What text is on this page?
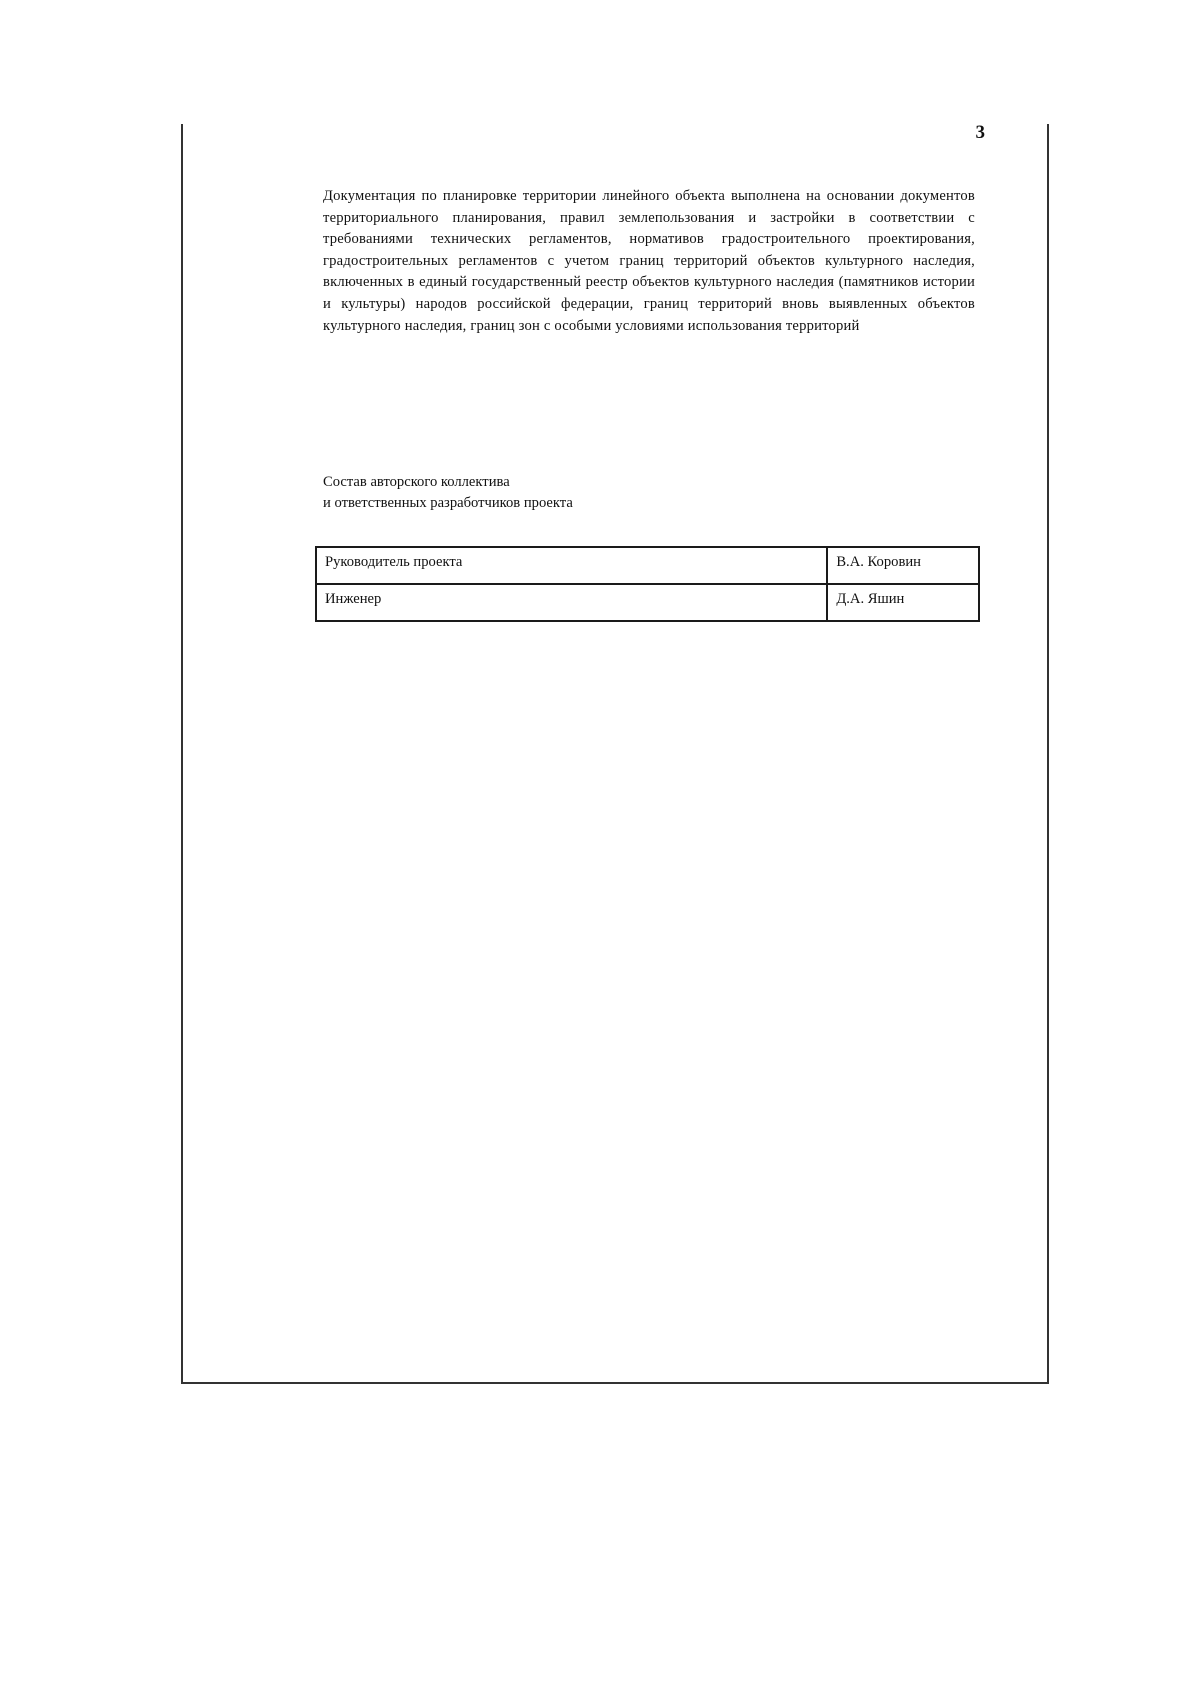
3
Документация по планировке территории линейного объекта выполнена на основании документов территориального планирования, правил землепользования и застройки в соответствии с требованиями технических регламентов, нормативов градостроительного проектирования, градостроительных регламентов с учетом границ территорий объектов культурного наследия, включенных в единый государственный реестр объектов культурного наследия (памятников истории и культуры) народов российской федерации, границ территорий вновь выявленных объектов культурного наследия, границ зон с особыми условиями использования территорий
Состав авторского коллектива
и ответственных разработчиков проекта
Руководитель проекта	В.А. Коровин
Инженер	Д.А. Яшин
